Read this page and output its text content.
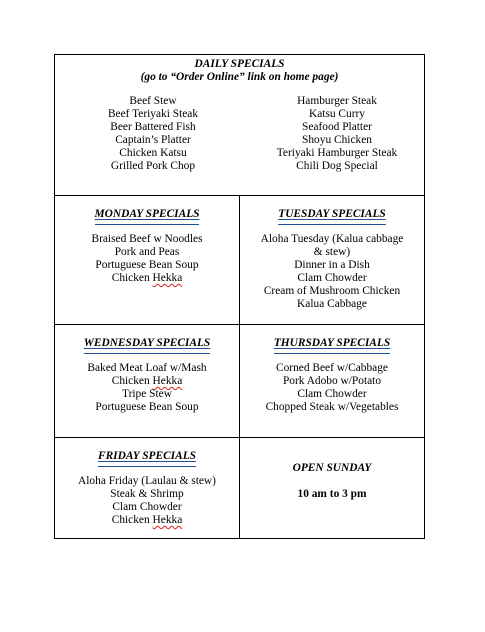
DAILY SPECIALS
(go to “Order Online” link on home page)
Beef Stew
Beef Teriyaki Steak
Beer Battered Fish
Captain’s Platter
Chicken Katsu
Grilled Pork Chop
Hamburger Steak
Katsu Curry
Seafood Platter
Shoyu Chicken
Teriyaki Hamburger Steak
Chili Dog Special
MONDAY SPECIALS
Braised Beef w Noodles
Pork and Peas
Portuguese Bean Soup
Chicken Hekka
TUESDAY SPECIALS
Aloha Tuesday (Kalua cabbage
& stew)
Dinner in a Dish
Clam Chowder
Cream of Mushroom Chicken
Kalua Cabbage
WEDNESDAY SPECIALS
Baked Meat Loaf w/Mash
Chicken Hekka
Tripe Stew
Portuguese Bean Soup
THURSDAY SPECIALS
Corned Beef w/Cabbage
Pork Adobo w/Potato
Clam Chowder
Chopped Steak w/Vegetables
FRIDAY SPECIALS
Aloha Friday (Laulau & stew)
Steak & Shrimp
Clam Chowder
Chicken Hekka
OPEN SUNDAY
10 am to 3 pm
